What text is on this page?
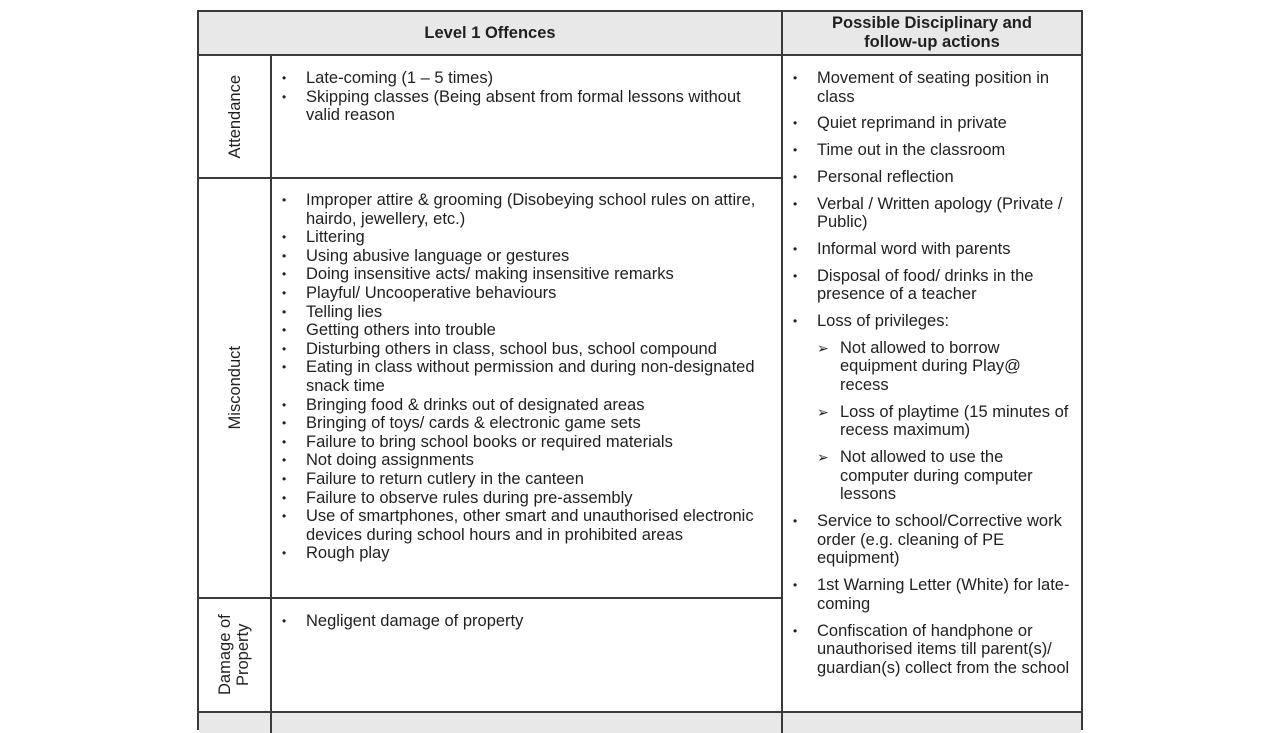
Level 1 Offences
Possible Disciplinary and follow-up actions
Attendance	• Late-coming (1 – 5 times)
• Skipping classes (Being absent from formal lessons without valid reason
Misconduct
• Improper attire & grooming (Disobeying school rules on attire, hairdo, jewellery, etc.)
• Littering
• Using abusive language or gestures
• Doing insensitive acts/ making insensitive remarks
• Playful/ Uncooperative behaviours
• Telling lies
• Getting others into trouble
• Disturbing others in class, school bus, school compound
• Eating in class without permission and during non-designated snack time
• Bringing food & drinks out of designated areas
• Bringing of toys/ cards & electronic game sets
• Failure to bring school books or required materials
• Not doing assignments
• Failure to return cutlery in the canteen
• Failure to observe rules during pre-assembly
• Use of smartphones, other smart and unauthorised electronic devices during school hours and in prohibited areas
• Rough play
Damage of Property
• Negligent damage of property
• Movement of seating position in class
• Quiet reprimand in private
• Time out in the classroom
• Personal reflection
• Verbal / Written apology (Private / Public)
• Informal word with parents
• Disposal of food/ drinks in the presence of a teacher
• Loss of privileges:
➢ Not allowed to borrow equipment during Play@ recess
➢ Loss of playtime (15 minutes of recess maximum)
➢ Not allowed to use the computer during computer lessons
• Service to school/Corrective work order (e.g. cleaning of PE equipment)
• 1st Warning Letter (White) for late-coming
• Confiscation of handphone or unauthorised items till parent(s)/ guardian(s) collect from the school
